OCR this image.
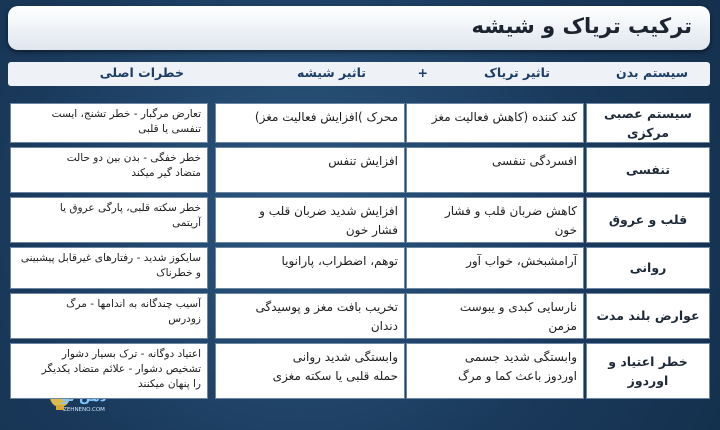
ترکیب تریاک و شیشه
سیستم بدن
تاثیر تریاک
+
تاثیر شیشه
خطرات اصلی
ZEHNENO.COM
سیستم عصبی مرکزی
کند کننده (کاهش فعالیت مغز
محرک )افزایش فعالیت مغز)
تعارض مرگبار - خطر تشنج، ایست
تنفسی یا قلبی
تنفسی
افسردگی تنفسی
افزایش تنفس
خطر خفگی - بدن بین دو حالت
متضاد گیر میکند
قلب و عروق
کاهش ضربان قلب و فشار
خون
افزایش شدید ضربان قلب و
فشار خون
خطر سکته قلبی، پارگی عروق یا
آریتمی
روانی
آرامشبخش، خواب آور
توهم، اضطراب، پارانویا
سایکوز شدید - رفتارهای غیرقابل پیشبینی
و خطرناک
عوارض بلند مدت
نارسایی کبدی و یبوست
مزمن
تخریب بافت مغز و پوسیدگی
دندان
آسیب چندگانه به اندامها - مرگ
زودرس
خطر اعتیاد و اوردوز
وابستگی شدید جسمی
اوردوز باعث کما و مرگ
وابستگی شدید روانی
حمله قلبی یا سکته مغزی
اعتیاد دوگانه - ترک بسیار دشوار
تشخیص دشوار - علائم متضاد یکدیگر
را پنهان میکنند
